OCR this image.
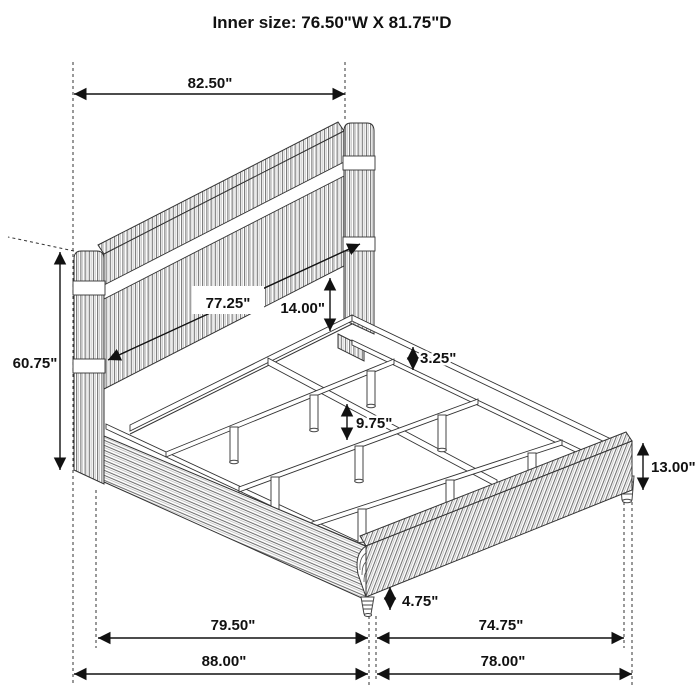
82.50"
60.75"
77.25" 14.00"
3.25"
9.75"
13.00"
4.75"
79.50"	74.75"
88.00"	78.00"
Inner size: 76.50"W X 81.75"D
